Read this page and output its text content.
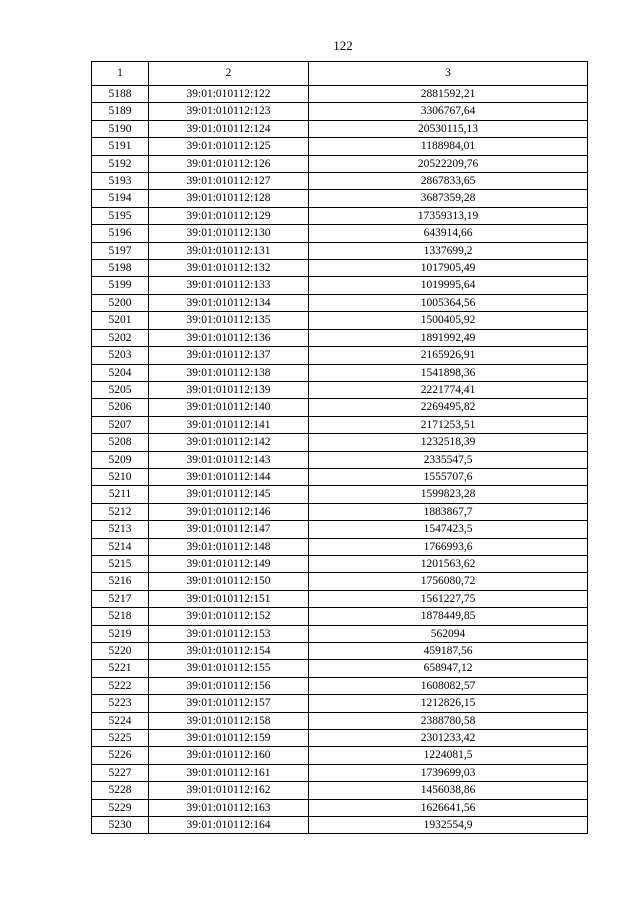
122
1	2	3
5188	39:01:010112:122	2881592,21
5189	39:01:010112:123	3306767,64
5190	39:01:010112:124	20530115,13
5191	39:01:010112:125	1188984,01
5192	39:01:010112:126	20522209,76
5193	39:01:010112:127	2867833,65
5194	39:01:010112:128	3687359,28
5195	39:01:010112:129	17359313,19
5196	39:01:010112:130	643914,66
5197	39:01:010112:131	1337699,2
5198	39:01:010112:132	1017905,49
5199	39:01:010112:133	1019995,64
5200	39:01:010112:134	1005364,56
5201	39:01:010112:135	1500405,92
5202	39:01:010112:136	1891992,49
5203	39:01:010112:137	2165926,91
5204	39:01:010112:138	1541898,36
5205	39:01:010112:139	2221774,41
5206	39:01:010112:140	2269495,82
5207	39:01:010112:141	2171253,51
5208	39:01:010112:142	1232518,39
5209	39:01:010112:143	2335547,5
5210	39:01:010112:144	1555707,6
5211	39:01:010112:145	1599823,28
5212	39:01:010112:146	1883867,7
5213	39:01:010112:147	1547423,5
5214	39:01:010112:148	1766993,6
5215	39:01:010112:149	1201563,62
5216	39:01:010112:150	1756080,72
5217	39:01:010112:151	1561227,75
5218	39:01:010112:152	1878449,85
5219	39:01:010112:153	562094
5220	39:01:010112:154	459187,56
5221	39:01:010112:155	658947,12
5222	39:01:010112:156	1608082,57
5223	39:01:010112:157	1212826,15
5224	39:01:010112:158	2388780,58
5225	39:01:010112:159	2301233,42
5226	39:01:010112:160	1224081,5
5227	39:01:010112:161	1739699,03
5228	39:01:010112:162	1456038,86
5229	39:01:010112:163	1626641,56
5230	39:01:010112:164	1932554,9
